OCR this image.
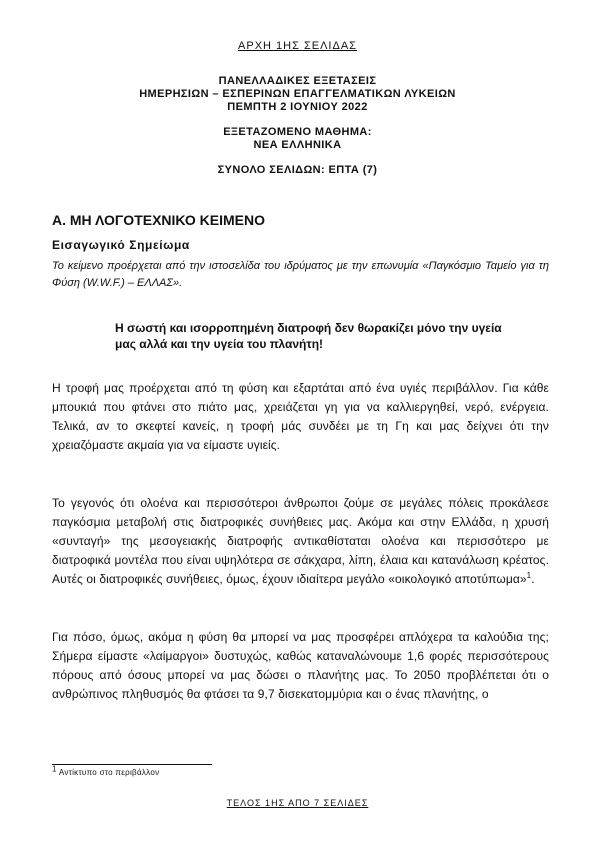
ΑΡΧΗ 1ΗΣ ΣΕΛΙΔΑΣ
ΠΑΝΕΛΛΑΔΙΚΕΣ ΕΞΕΤΑΣΕΙΣ
ΗΜΕΡΗΣΙΩΝ – ΕΣΠΕΡΙΝΩΝ ΕΠΑΓΓΕΛΜΑΤΙΚΩΝ ΛΥΚΕΙΩΝ
ΠΕΜΠΤΗ 2 ΙΟΥΝΙΟΥ 2022
ΕΞΕΤΑΖΟΜΕΝΟ ΜΑΘΗΜΑ:
ΝΕΑ ΕΛΛΗΝΙΚΑ
ΣΥΝΟΛΟ ΣΕΛΙΔΩΝ: ΕΠΤΑ (7)
Α. ΜΗ ΛΟΓΟΤΕΧΝΙΚΟ ΚΕΙΜΕΝΟ
Εισαγωγικό Σημείωμα

Το κείμενο προέρχεται από την ιστοσελίδα του ιδρύματος με την επωνυμία «Παγκόσμιο Ταμείο για τη Φύση (W.W.F.) – ΕΛΛΑΣ».

Η σωστή και ισορροπημένη διατροφή δεν θωρακίζει μόνο την υγεία μας αλλά και την υγεία του πλανήτη!

Η τροφή μας προέρχεται από τη φύση και εξαρτάται από ένα υγιές περιβάλλον. Για κάθε μπουκιά που φτάνει στο πιάτο μας, χρειάζεται γη για να καλλιεργηθεί, νερό, ενέργεια. Τελικά, αν το σκεφτεί κανείς, η τροφή μάς συνδέει με τη Γη και μας δείχνει ότι την χρειαζόμαστε ακμαία για να είμαστε υγιείς.

Το γεγονός ότι ολοένα και περισσότεροι άνθρωποι ζούμε σε μεγάλες πόλεις προκάλεσε παγκόσμια μεταβολή στις διατροφικές συνήθειες μας. Ακόμα και στην Ελλάδα, η χρυσή «συνταγή» της μεσογειακής διατροφής αντικαθίσταται ολοένα και περισσότερο με διατροφικά μοντέλα που είναι υψηλότερα σε σάκχαρα, λίπη, έλαια και κατανάλωση κρέατος. Αυτές οι διατροφικές συνήθειες, όμως, έχουν ιδιαίτερα μεγάλο «οικολογικό αποτύπωμα»$^1$.

Για πόσο, όμως, ακόμα η φύση θα μπορεί να μας προσφέρει απλόχερα τα καλούδια της; Σήμερα είμαστε «λαίμαργοι» δυστυχώς, καθώς καταναλώνουμε 1,6 φορές περισσότερους πόρους από όσους μπορεί να μας δώσει ο πλανήτης μας. Το 2050 προβλέπεται ότι ο ανθρώπινος πληθυσμός θα φτάσει τα 9,7 δισεκατομμύρια και ο ένας πλανήτης, ο

$^1$ Αντίκτυπο στο περιβάλλον
ΤΕΛΟΣ 1ΗΣ ΑΠΟ 7 ΣΕΛΙΔΕΣ
